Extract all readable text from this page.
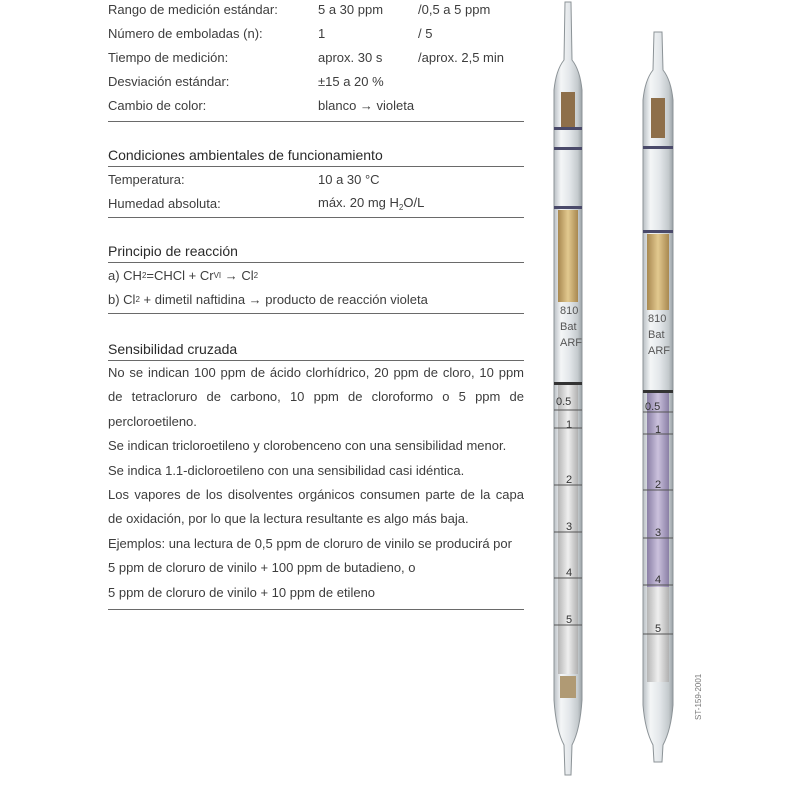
Rango de medición estándar:	5 a 30 ppm	/0,5 a 5 ppm
Número de emboladas (n):	1	/ 5
Tiempo de medición:	aprox. 30 s	/aprox. 2,5 min
Desviación estándar:	±15 a 20 %
Cambio de color:	blanco → violeta
Condiciones ambientales de funcionamiento
Temperatura:	10 a 30 °C
Humedad absoluta:	máx. 20 mg $H_2O/L$
Principio de reacción
a) CH 2 =CHCl + Cr VI → Cl 2
b) Cl 2 + dimetil naftidina → producto de reacción violeta
Sensibilidad cruzada

No se indican 100 ppm de ácido clorhídrico, 20 ppm de cloro, 10 ppm de tetracloruro de carbono, 10 ppm de cloroformo o 5 ppm de percloroetileno.

Se indican tricloroetileno y clorobenceno con una sensibilidad menor.

Se indica 1.1-dicloroetileno con una sensibilidad casi idéntica.

Los vapores de los disolventes orgánicos consumen parte de la capa de oxidación, por lo que la lectura resultante es algo más baja.

Ejemplos: una lectura de 0,5 ppm de cloruro de vinilo se producirá por

5 ppm de cloruro de vinilo + 100 ppm de butadieno, o

5 ppm de cloruro de vinilo + 10 ppm de etileno

810
Bat
ARF
0.5
1
2
3
4
5
810
Bat
ARF
0.5
1
2
3
4
5
ST-159-2001
